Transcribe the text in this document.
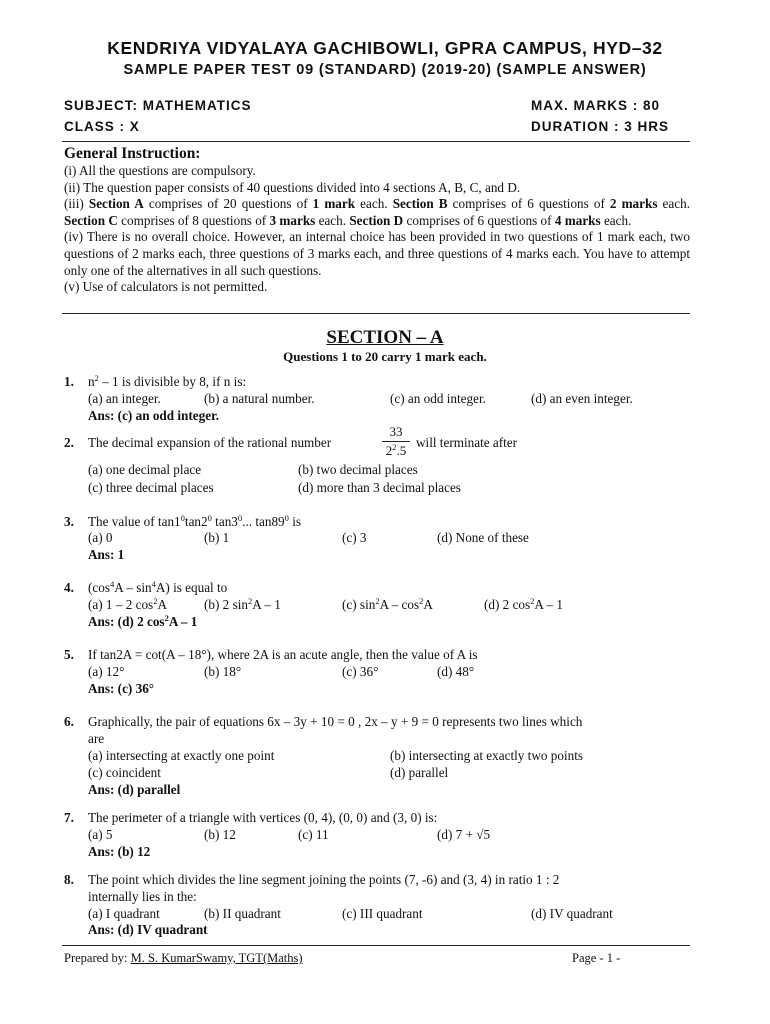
KENDRIYA VIDYALAYA GACHIBOWLI, GPRA CAMPUS, HYD–32
SAMPLE PAPER TEST 09 (STANDARD) (2019-20) (SAMPLE ANSWER)
SUBJECT: MATHEMATICS
CLASS : X
MAX. MARKS : 80
DURATION : 3 HRS
General Instruction:

(i) All the questions are compulsory.

(ii) The question paper consists of 40 questions divided into 4 sections A, B, C, and D.

(iii) Section A comprises of 20 questions of 1 mark each. Section B comprises of 6 questions of 2 marks each. Section C comprises of 8 questions of 3 marks each. Section D comprises of 6 questions of 4 marks each.

(iv) There is no overall choice. However, an internal choice has been provided in two questions of 1 mark each, two questions of 2 marks each, three questions of 3 marks each, and three questions of 4 marks each. You have to attempt only one of the alternatives in all such questions.

(v) Use of calculators is not permitted.

SECTION – A
Questions 1 to 20 carry 1 mark each.
1. $n^2 - 1$ is divisible by 8, if n is:
(a) an integer.	(b) a natural number.	(c) an odd integer.	(d) an even integer.
Ans: (c) an odd integer.
2. The decimal expansion of the rational number
33
$2^2.5$
will terminate after
(a) one decimal place	(b) two decimal places
(c) three decimal places	(d) more than 3 decimal places
3. The value of $\tan 1^0\tan 2^0$ $\tan 3^0$... $\tan 89^0$ is
(a) 0	(b) 1	(c) 3	(d) None of these
Ans: 1
4. $(\cos^4A - \sin^4A)$ is equal to
(a) 1 – 2 $\cos^2A$	(b) 2 $\sin^2A - 1$	(c) $\sin^2A - \cos^2A$	(d) 2 $\cos^2A - 1$
Ans: (d) 2 $\cos^2A - 1$
5. If tan2A = cot(A – 18°), where 2A is an acute angle, then the value of A is
(a) 12°	(b) 18°	(c) 36°	(d) 48°
Ans: (c) 36°
6. Graphically, the pair of equations 6x – 3y + 10 = 0 , 2x – y + 9 = 0 represents two lines which
are
(a) intersecting at exactly one point	(b) intersecting at exactly two points
(c) coincident	(d) parallel
Ans: (d) parallel
7. The perimeter of a triangle with vertices (0, 4), (0, 0) and (3, 0) is:
(a) 5	(b) 12	(c) 11	(d) 7 + √5
Ans: (b) 12
8. The point which divides the line segment joining the points (7, -6) and (3, 4) in ratio 1 : 2
internally lies in the:
(a) I quadrant	(b) II quadrant	(c) III quadrant	(d) IV quadrant
Ans: (d) IV quadrant
Prepared by: M. S. KumarSwamy, TGT(Maths)	Page - 1 -
